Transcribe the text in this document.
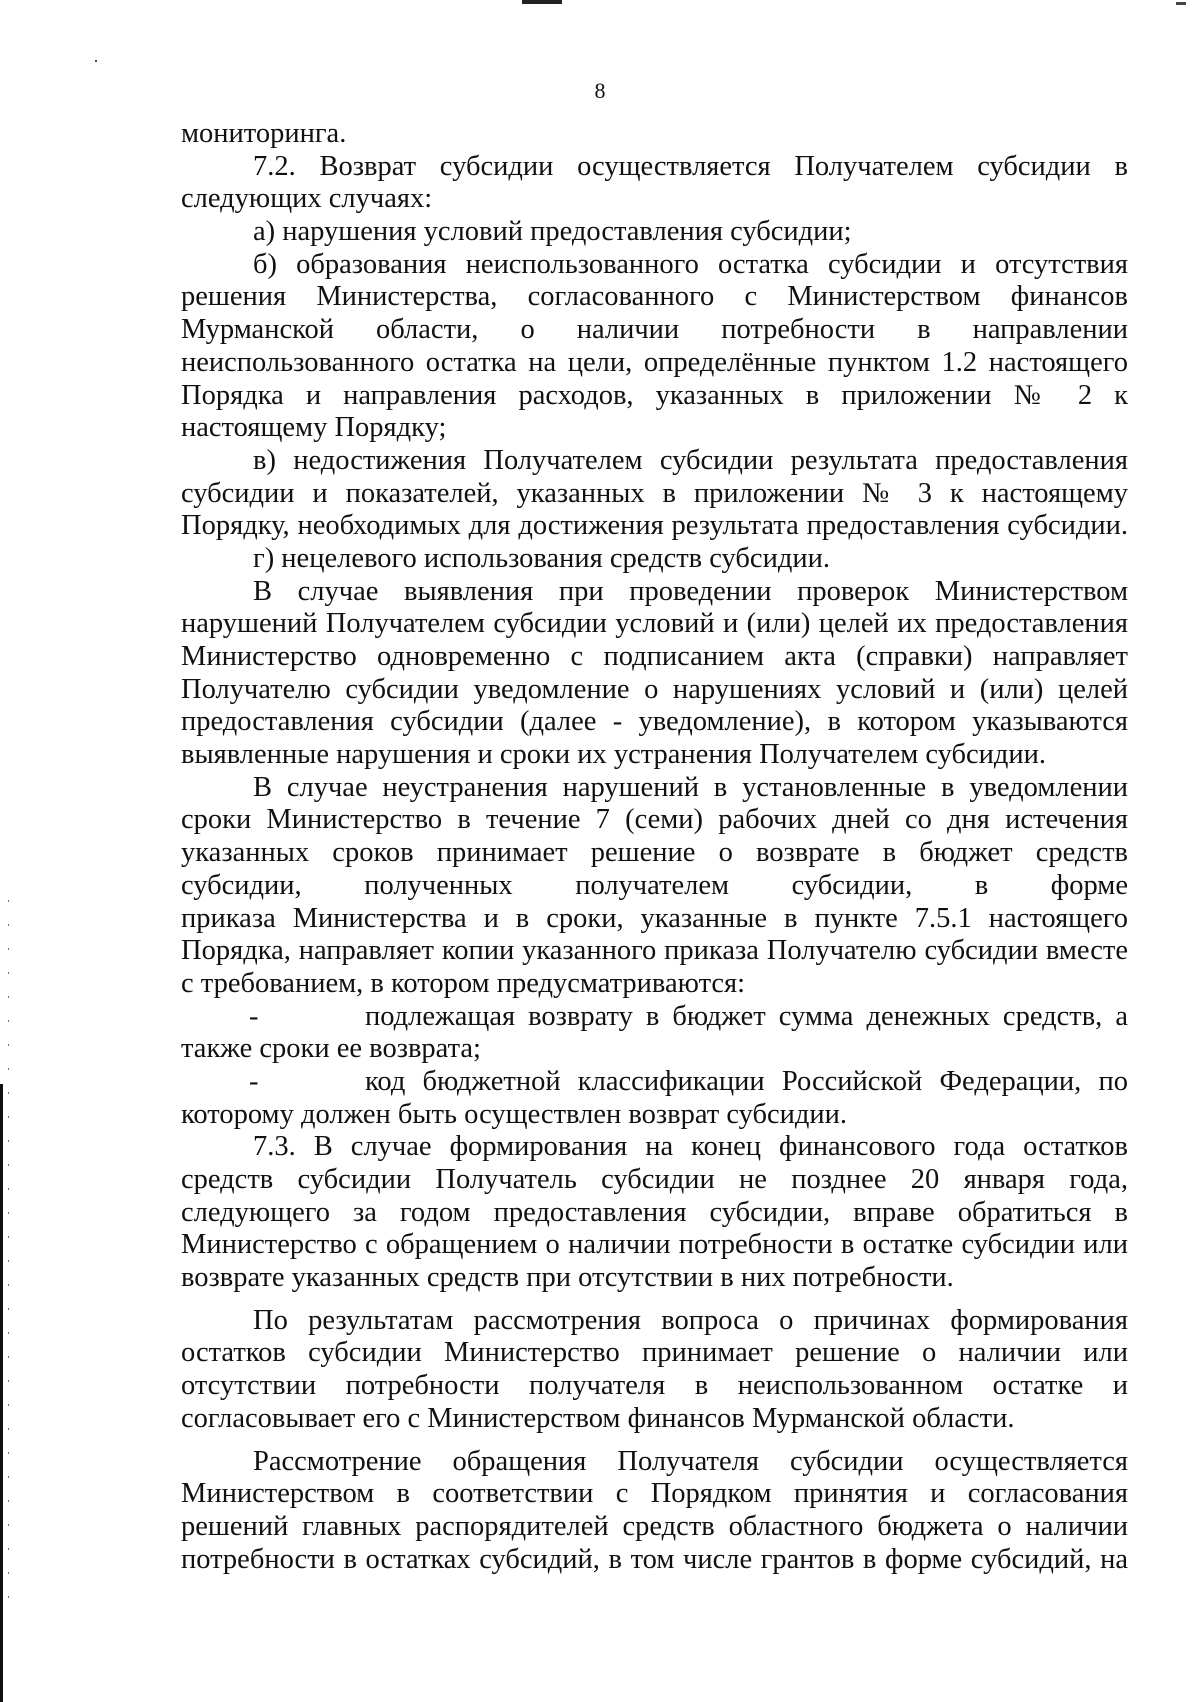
8
мониторинга.
7.2. Возврат субсидии осуществляется Получателем субсидии в
следующих случаях:
а) нарушения условий предоставления субсидии;
б) образования неиспользованного остатка субсидии и отсутствия
решения Министерства, согласованного с Министерством финансов
Мурманской области, о наличии потребности в направлении
неиспользованного остатка на цели, определённые пунктом 1.2 настоящего
Порядка и направления расходов, указанных в приложении № 2 к
настоящему Порядку;
в) недостижения Получателем субсидии результата предоставления
субсидии и показателей, указанных в приложении № 3 к настоящему
Порядку, необходимых для достижения результата предоставления субсидии.
г) нецелевого использования средств субсидии.
В случае выявления при проведении проверок Министерством
нарушений Получателем субсидии условий и (или) целей их предоставления
Министерство одновременно с подписанием акта (справки) направляет
Получателю субсидии уведомление о нарушениях условий и (или) целей
предоставления субсидии (далее - уведомление), в котором указываются
выявленные нарушения и сроки их устранения Получателем субсидии.
В случае неустранения нарушений в установленные в уведомлении
сроки Министерство в течение 7 (семи) рабочих дней со дня истечения
указанных сроков принимает решение о возврате в бюджет средств
субсидии, полученных получателем субсидии, в форме
приказа Министерства и в сроки, указанные в пункте 7.5.1 настоящего
Порядка, направляет копии указанного приказа Получателю субсидии вместе
с требованием, в котором предусматриваются:
-	подлежащая возврату в бюджет сумма денежных средств, а
также сроки ее возврата;
-	код бюджетной классификации Российской Федерации, по
которому должен быть осуществлен возврат субсидии.
7.3. В случае формирования на конец финансового года остатков
средств субсидии Получатель субсидии не позднее 20 января года,
следующего за годом предоставления субсидии, вправе обратиться в
Министерство с обращением о наличии потребности в остатке субсидии или
возврате указанных средств при отсутствии в них потребности.
По результатам рассмотрения вопроса о причинах формирования
остатков субсидии Министерство принимает решение о наличии или
отсутствии потребности получателя в неиспользованном остатке и
согласовывает его с Министерством финансов Мурманской области.
Рассмотрение обращения Получателя субсидии осуществляется
Министерством в соответствии с Порядком принятия и согласования
решений главных распорядителей средств областного бюджета о наличии
потребности в остатках субсидий, в том числе грантов в форме субсидий, на
